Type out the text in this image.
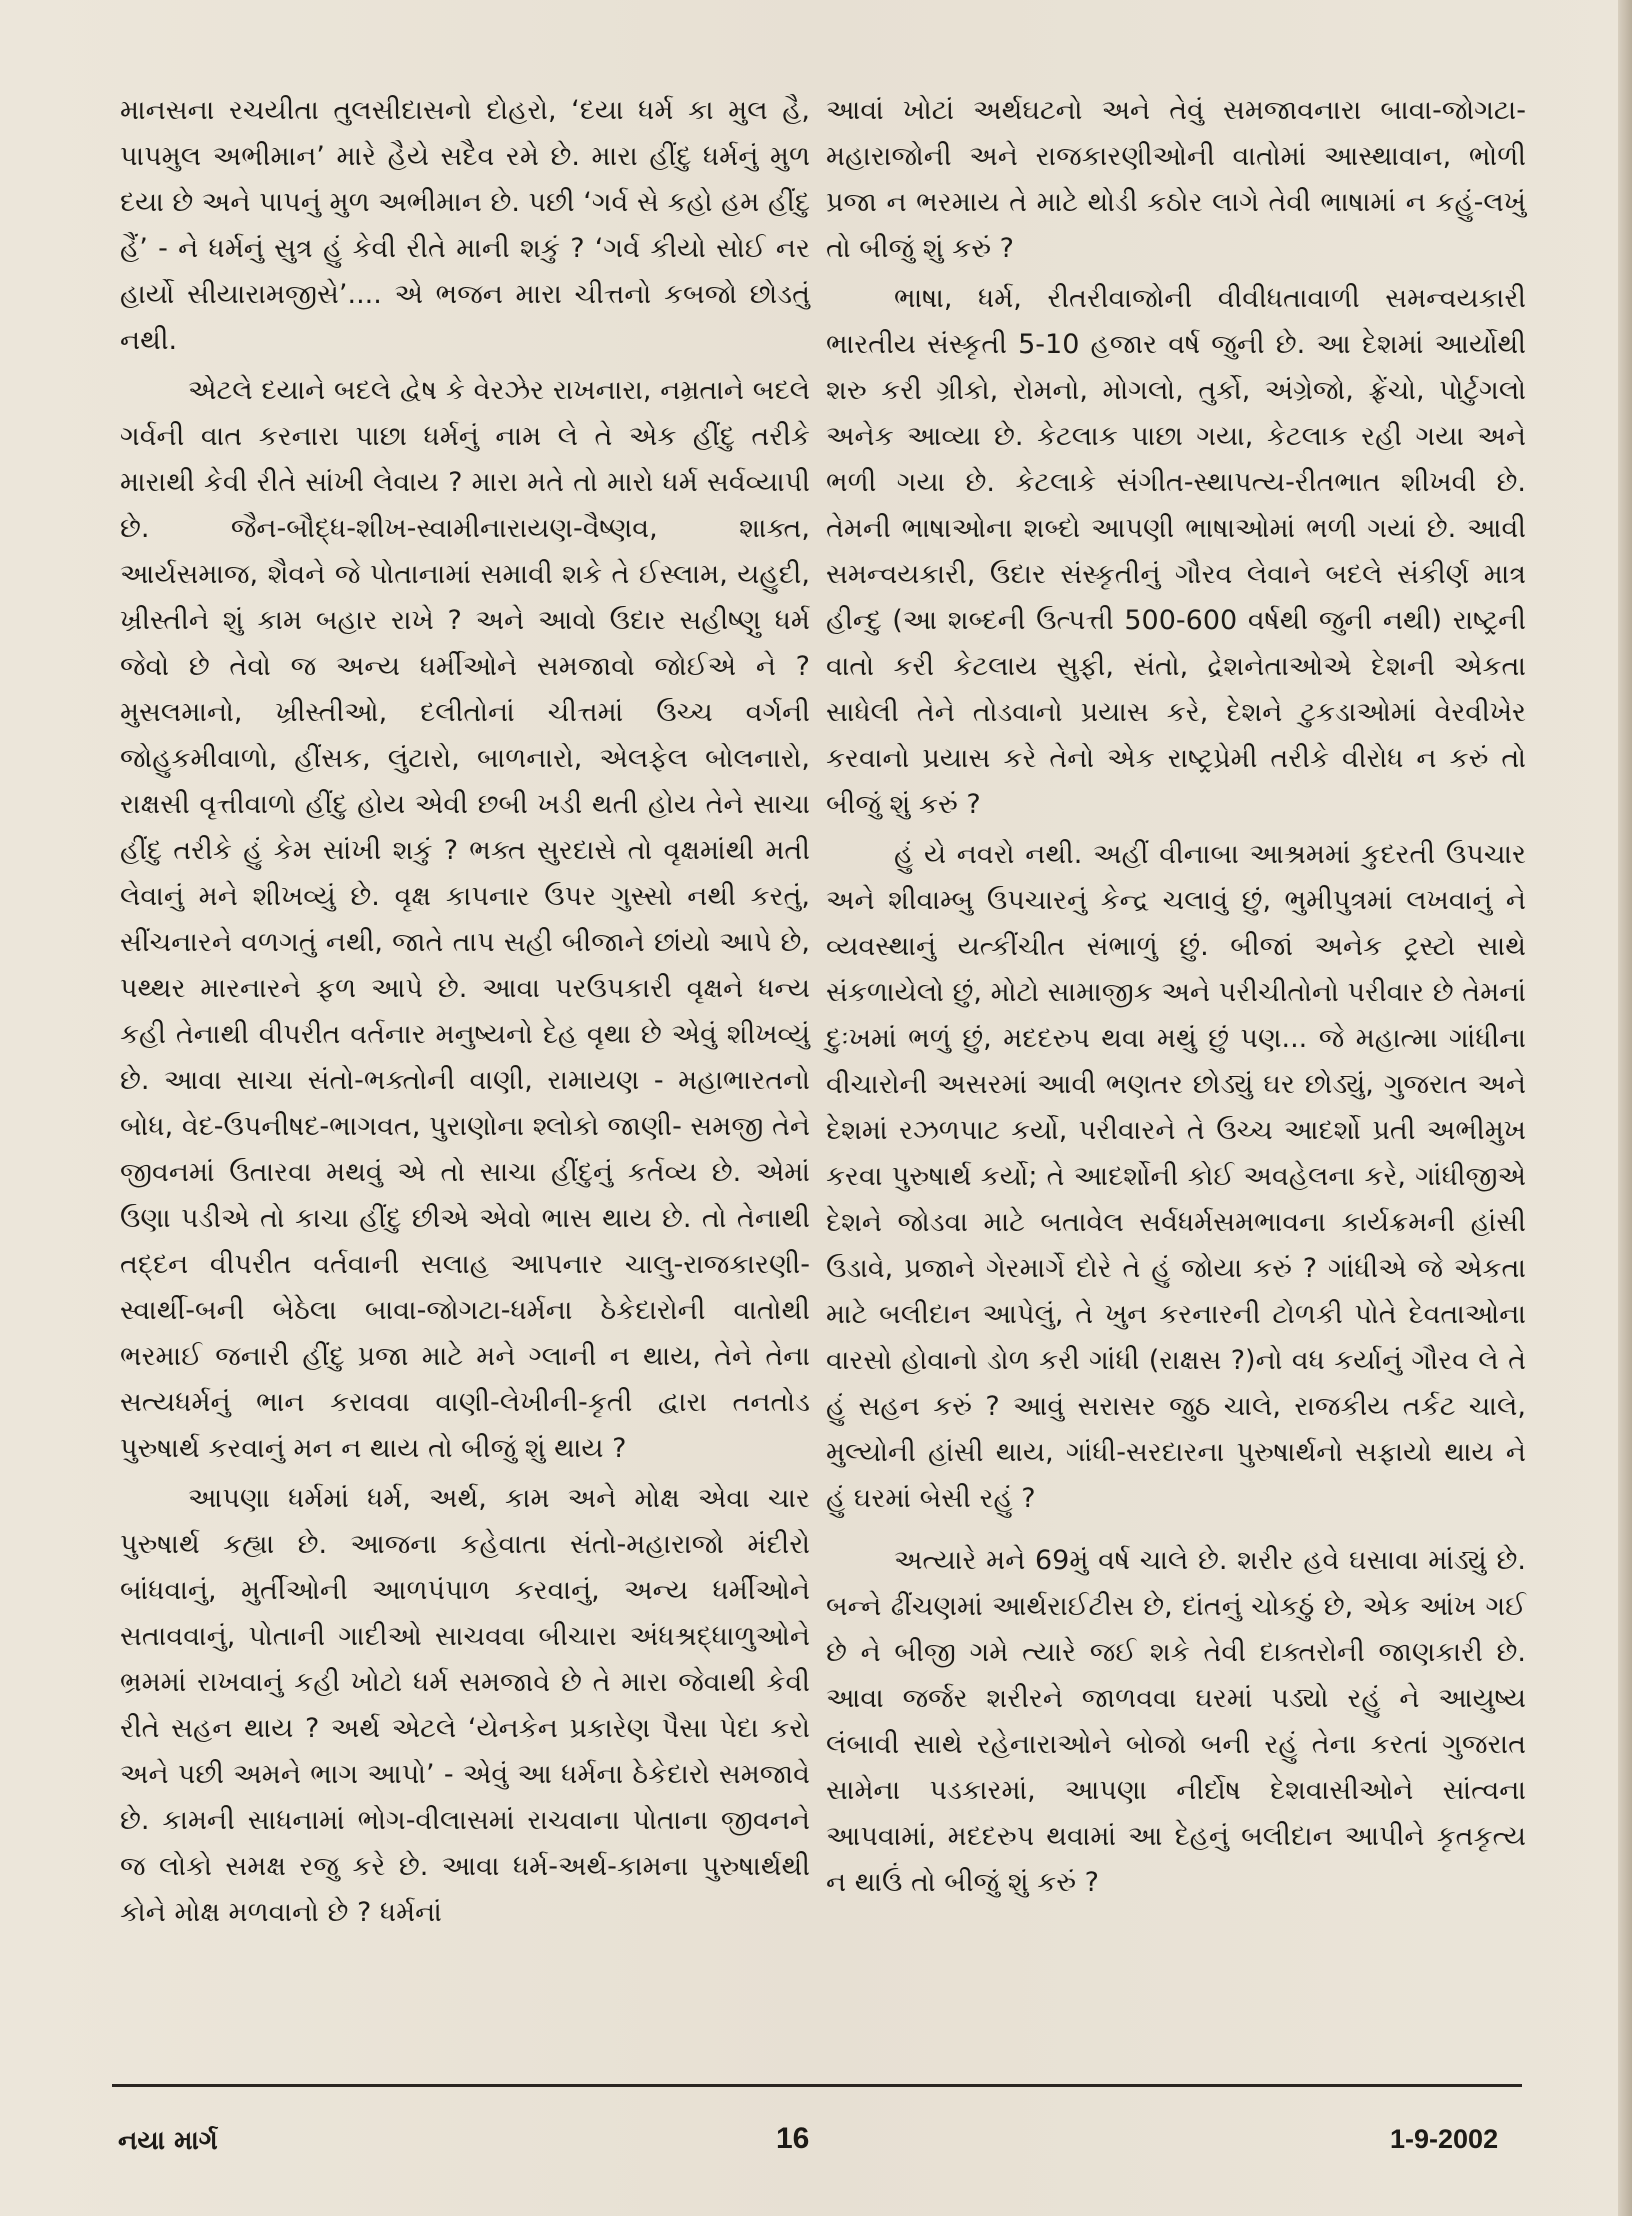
માનસના રચયીતા તુલસીદાસનો દોહરો, ‘દયા ધર્મ કા મુલ હૈ, પાપમુલ અભીમાન’ મારે હૈયે સદૈવ રમે છે. મારા હીંદુ ધર્મનું મુળ દયા છે અને પાપનું મુળ અભીમાન છે. પછી ‘ગર્વ સે કહો હમ હીંદુ હૈં’ - ને ધર્મનું સુત્ર હું કેવી રીતે માની શકું ? ‘ગર્વ કીયો સોઈ નર હાર્યો સીયારામજીસે’.... એ ભજન મારા ચીત્તનો કબજો છોડતું નથી.

એટલે દયાને બદલે દ્વેષ કે વેરઝેર રાખનારા, નમ્રતાને બદલે ગર્વની વાત કરનારા પાછા ધર્મનું નામ લે તે એક હીંદુ તરીકે મારાથી કેવી રીતે સાંખી લેવાય ? મારા મતે તો મારો ધર્મ સર્વવ્યાપી છે. જૈન-બૌદ્ધ-શીખ-સ્વામીનારાયણ-વૈષ્ણવ, શાક્ત, આર્યસમાજ, શૈવને જે પોતાનામાં સમાવી શકે તે ઈસ્લામ, યહુદી, ખ્રીસ્તીને શું કામ બહાર રાખે ? અને આવો ઉદાર સહીષ્ણુ ધર્મ જેવો છે તેવો જ અન્ય ધર્મીઓને સમજાવો જોઈએ ને ? મુસલમાનો, ખ્રીસ્તીઓ, દલીતોનાં ચીત્તમાં ઉચ્ચ વર્ગની જોહુકમીવાળો, હીંસક, લુંટારો, બાળનારો, એલફેલ બોલનારો, રાક્ષસી વૃત્તીવાળો હીંદુ હોય એવી છબી ખડી થતી હોય તેને સાચા હીંદુ તરીકે હું કેમ સાંખી શકું ? ભક્ત સુરદાસે તો વૃક્ષમાંથી મતી લેવાનું મને શીખવ્યું છે. વૃક્ષ કાપનાર ઉપર ગુસ્સો નથી કરતું, સીંચનારને વળગતું નથી, જાતે તાપ સહી બીજાને છાંયો આપે છે, પથ્થર મારનારને ફળ આપે છે. આવા પરઉપકારી વૃક્ષને ધન્ય કહી તેનાથી વીપરીત વર્તનાર મનુષ્યનો દેહ વૃથા છે એવું શીખવ્યું છે. આવા સાચા સંતો-ભક્તોની વાણી, રામાયણ - મહાભારતનો બોધ, વેદ-ઉપનીષદ-ભાગવત, પુરાણોના શ્લોકો જાણી- સમજી તેને જીવનમાં ઉતારવા મથવું એ તો સાચા હીંદુનું કર્તવ્ય છે. એમાં ઉણા પડીએ તો કાચા હીંદુ છીએ એવો ભાસ થાય છે. તો તેનાથી તદ્દન વીપરીત વર્તવાની સલાહ આપનાર ચાલુ-રાજકારણી-સ્વાર્થી-બની બેઠેલા બાવા-જોગટા-ધર્મના ઠેકેદારોની વાતોથી ભરમાઈ જનારી હીંદુ પ્રજા માટે મને ગ્લાની ન થાય, તેને તેના સત્યધર્મનું ભાન કરાવવા વાણી-લેખીની-કૃતી દ્વારા તનતોડ પુરુષાર્થ કરવાનું મન ન થાય તો બીજું શું થાય ?

આપણા ધર્મમાં ધર્મ, અર્થ, કામ અને મોક્ષ એવા ચાર પુરુષાર્થ કહ્યા છે. આજના કહેવાતા સંતો-મહારાજો મંદીરો બાંધવાનું, મુર્તીઓની આળપંપાળ કરવાનું, અન્ય ધર્મીઓને સતાવવાનું, પોતાની ગાદીઓ સાચવવા બીચારા અંધશ્રદ્ધાળુઓને ભ્રમમાં રાખવાનું કહી ખોટો ધર્મ સમજાવે છે તે મારા જેવાથી કેવી રીતે સહન થાય ? અર્થ એટલે ‘યેનકેન પ્રકારેણ પૈસા પેદા કરો અને પછી અમને ભાગ આપો’ - એવું આ ધર્મના ઠેકેદારો સમજાવે છે. કામની સાધનામાં ભોગ-વીલાસમાં રાચવાના પોતાના જીવનને જ લોકો સમક્ષ રજુ કરે છે. આવા ધર્મ-અર્થ-કામના પુરુષાર્થથી કોને મોક્ષ મળવાનો છે ? ધર્મનાં

આવાં ખોટાં અર્થઘટનો અને તેવું સમજાવનારા બાવા-જોગટા-મહારાજોની અને રાજકારણીઓની વાતોમાં આસ્થાવાન, ભોળી પ્રજા ન ભરમાય તે માટે થોડી કઠોર લાગે તેવી ભાષામાં ન કહું-લખું તો બીજું શું કરું ?

ભાષા, ધર્મ, રીતરીવાજોની વીવીધતાવાળી સમન્વયકારી ભારતીય સંસ્કૃતી 5-10 હજાર વર્ષ જુની છે. આ દેશમાં આર્યોથી શરુ કરી ગ્રીકો, રોમનો, મોગલો, તુર્કો, અંગ્રેજો, ફ્રેંચો, પોર્ટુગલો અનેક આવ્યા છે. કેટલાક પાછા ગયા, કેટલાક રહી ગયા અને ભળી ગયા છે. કેટલાકે સંગીત-સ્થાપત્ય-રીતભાત શીખવી છે. તેમની ભાષાઓના શબ્દો આપણી ભાષાઓમાં ભળી ગયાં છે. આવી સમન્વયકારી, ઉદાર સંસ્કૃતીનું ગૌરવ લેવાને બદલે સંકીર્ણ માત્ર હીન્દુ (આ શબ્દની ઉત્પત્તી 500-600 વર્ષથી જુની નથી) રાષ્ટ્રની વાતો કરી કેટલાય સુફી, સંતો, દ્રેશનેતાઓએ દેશની એકતા સાધેલી તેને તોડવાનો પ્રયાસ કરે, દેશને ટુકડાઓમાં વેરવીખેર કરવાનો પ્રયાસ કરે તેનો એક રાષ્ટ્રપ્રેમી તરીકે વીરોધ ન કરું તો બીજું શું કરું ?

હું યે નવરો નથી. અહીં વીનાબા આશ્રમમાં કુદરતી ઉપચાર અને શીવામ્બુ ઉપચારનું કેન્દ્ર ચલાવું છું, ભુમીપુત્રમાં લખવાનું ને વ્યવસ્થાનું યત્કીંચીત સંભાળું છું. બીજાં અનેક ટ્રસ્ટો સાથે સંકળાયેલો છું, મોટો સામાજીક અને પરીચીતોનો પરીવાર છે તેમનાં દુઃખમાં ભળું છું, મદદરુપ થવા મથું છું પણ... જે મહાત્મા ગાંધીના વીચારોની અસરમાં આવી ભણતર છોડ્યું ઘર છોડ્યું, ગુજરાત અને દેશમાં રઝળપાટ કર્યો, પરીવારને તે ઉચ્ચ આદર્શો પ્રતી અભીમુખ કરવા પુરુષાર્થ કર્યો; તે આદર્શોની કોઈ અવહેલના કરે, ગાંધીજીએ દેશને જોડવા માટે બતાવેલ સર્વધર્મસમભાવના કાર્યક્રમની હાંસી ઉડાવે, પ્રજાને ગેરમાર્ગે દોરે તે હું જોયા કરું ? ગાંધીએ જે એકતા માટે બલીદાન આપેલું, તે ખુન કરનારની ટોળકી પોતે દેવતાઓના વારસો હોવાનો ડોળ કરી ગાંધી (રાક્ષસ ?)નો વધ કર્યાનું ગૌરવ લે તે હું સહન કરું ? આવું સરાસર જુઠ ચાલે, રાજકીય તર્કટ ચાલે, મુલ્યોની હાંસી થાય, ગાંધી-સરદારના પુરુષાર્થનો સફાયો થાય ને હું ઘરમાં બેસી રહું ?

અત્યારે મને 69મું વર્ષ ચાલે છે. શરીર હવે ઘસાવા માંડ્યું છે. બન્ને ઢીંચણમાં આર્થરાઈટીસ છે, દાંતનું ચોકઠું છે, એક આંખ ગઈ છે ને બીજી ગમે ત્યારે જઈ શકે તેવી દાક્તરોની જાણકારી છે. આવા જર્જર શરીરને જાળવવા ઘરમાં પડ્યો રહું ને આયુષ્ય લંબાવી સાથે રહેનારાઓને બોજો બની રહું તેના કરતાં ગુજરાત સામેના પડકારમાં, આપણા નીર્દોષ દેશવાસીઓને સાંત્વના આપવામાં, મદદરુપ થવામાં આ દેહનું બલીદાન આપીને કૃતકૃત્ય ન થાઉં તો બીજું શું કરું ?

નયા માર્ગ	16	1-9-2002
